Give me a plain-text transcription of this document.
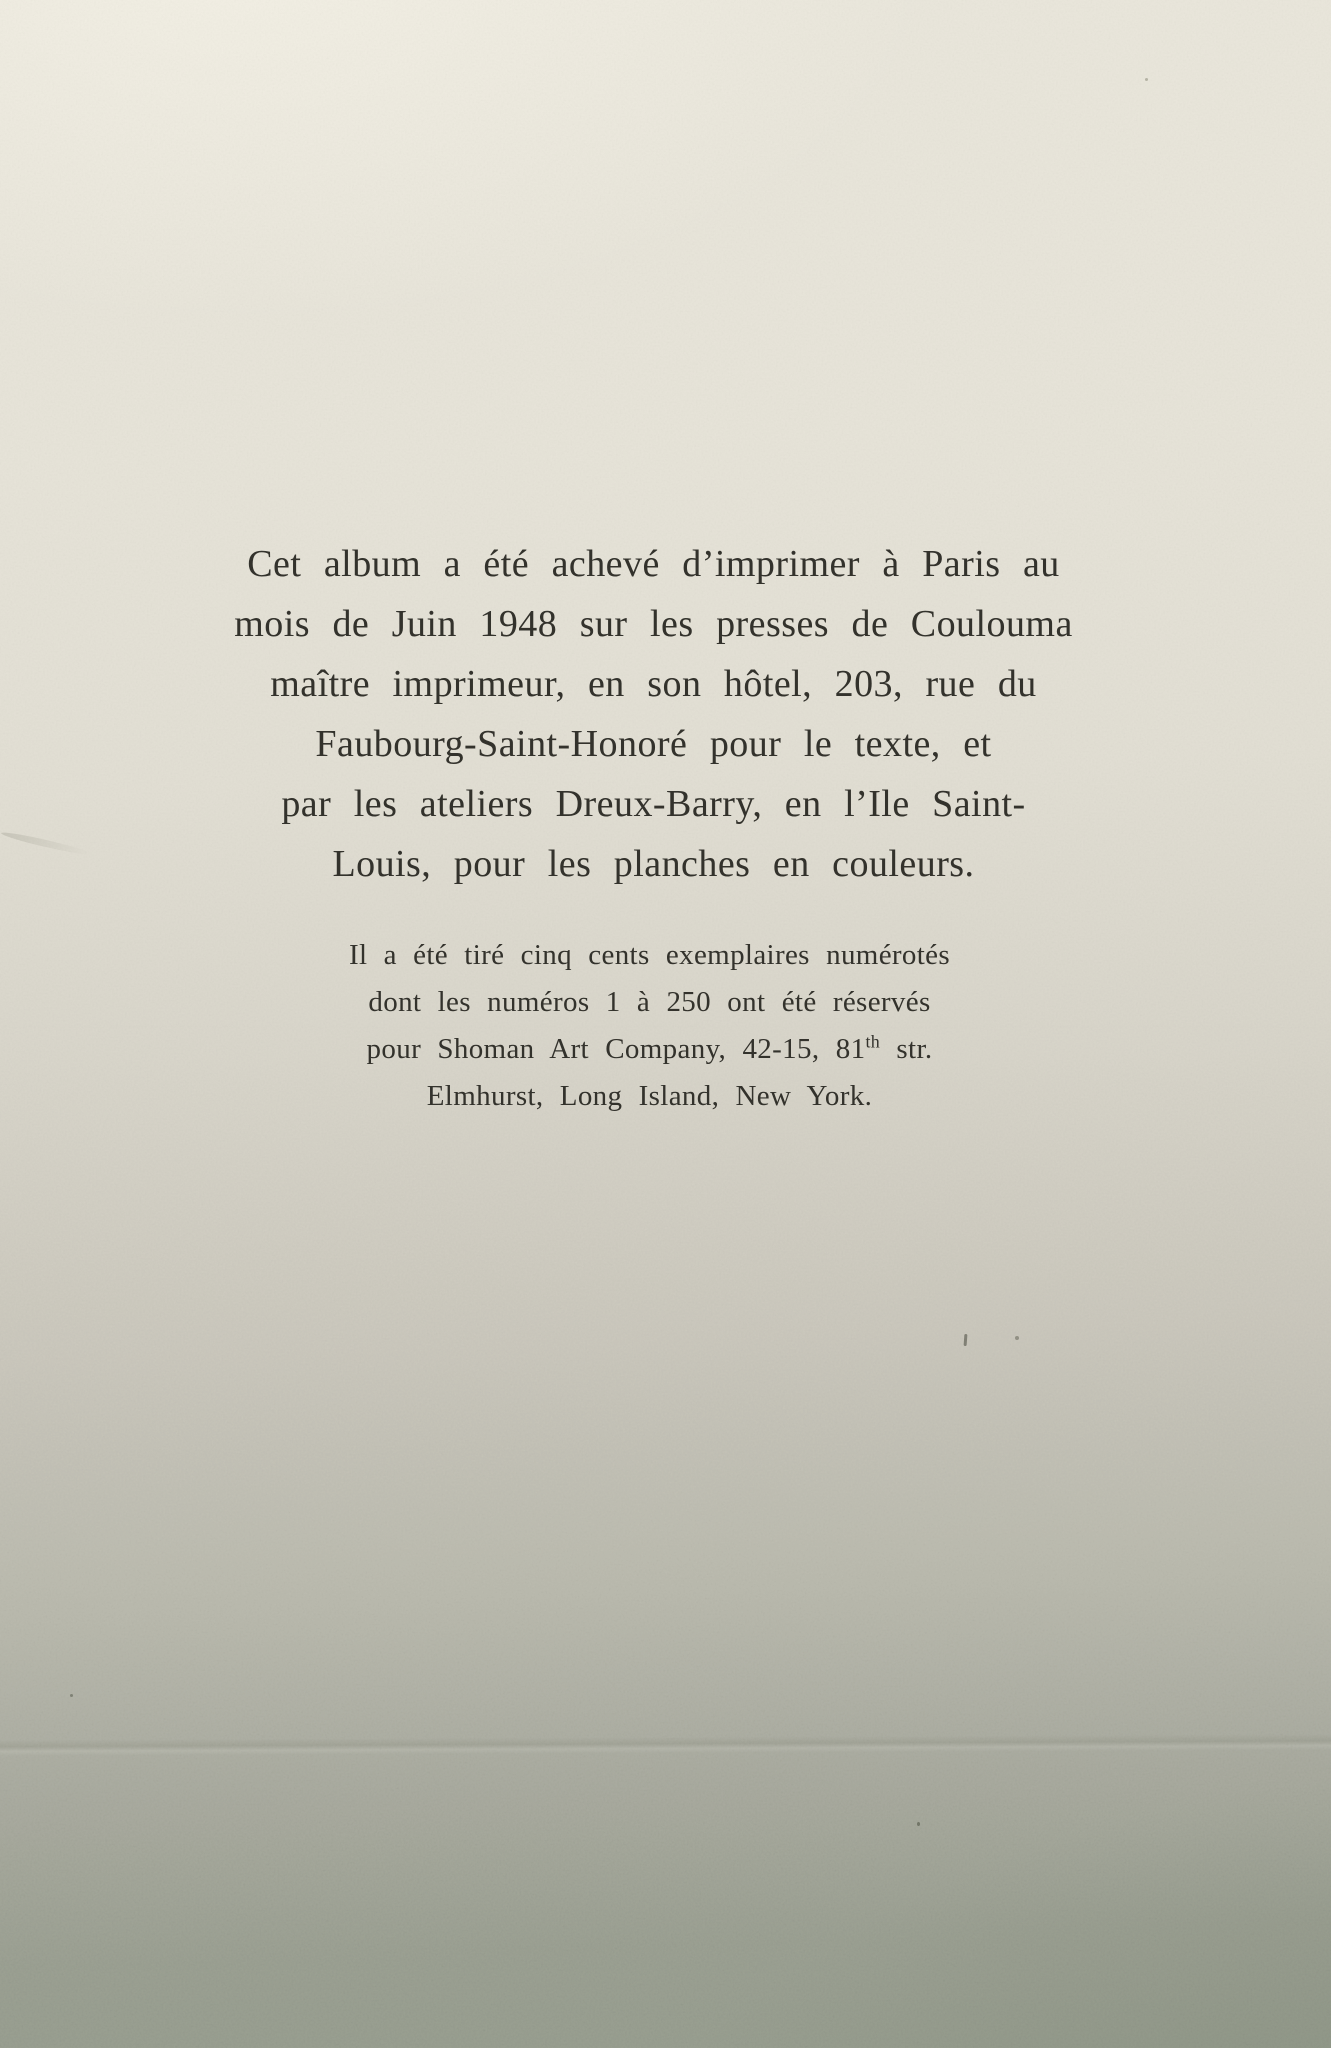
Cet album a été achevé d’imprimer à Paris au

mois de Juin 1948 sur les presses de Coulouma

maître imprimeur, en son hôtel, 203, rue du

Faubourg-Saint-Honoré pour le texte, et

par les ateliers Dreux-Barry, en l’Ile Saint-

Louis, pour les planches en couleurs.

Il a été tiré cinq cents exemplaires numérotés

dont les numéros 1 à 250 ont été réservés

pour Shoman Art Company, 42-15, 81th str.

Elmhurst, Long Island, New York.
